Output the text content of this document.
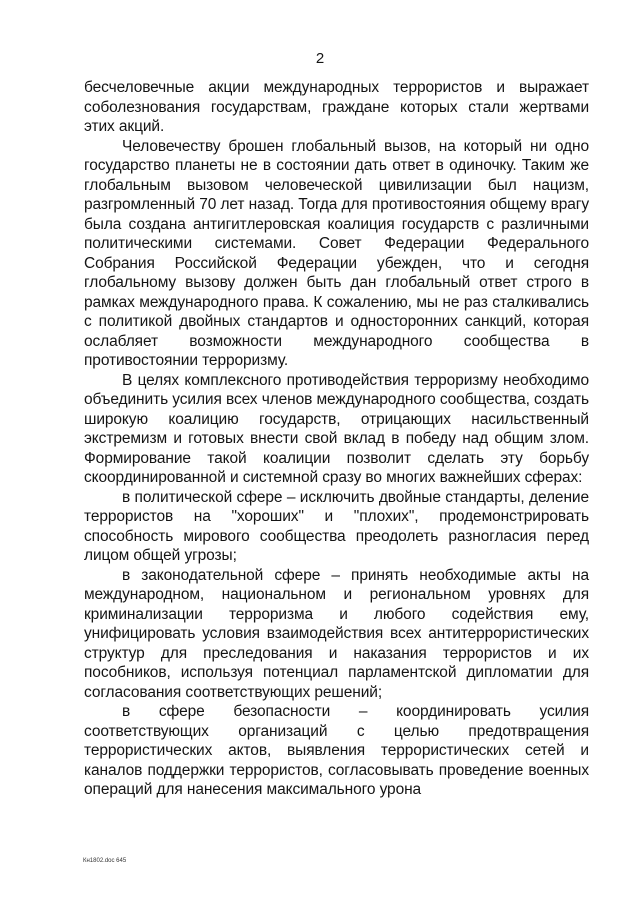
2

бесчеловечные акции международных террористов и выражает соболезнования государствам, граждане которых стали жертвами этих акций.

Человечеству брошен глобальный вызов, на который ни одно государство планеты не в состоянии дать ответ в одиночку. Таким же глобальным вызовом человеческой цивилизации был нацизм, разгромленный 70 лет назад. Тогда для противостояния общему врагу была создана антигитлеровская коалиция государств с различными политическими системами. Совет Федерации Федерального Собрания Российской Федерации убежден, что и сегодня глобальному вызову должен быть дан глобальный ответ строго в рамках международного права. К сожалению, мы не раз сталкивались с политикой двойных стандартов и односторонних санкций, которая ослабляет возможности международного сообщества в противостоянии терроризму.

В целях комплексного противодействия терроризму необходимо объединить усилия всех членов международного сообщества, создать широкую коалицию государств, отрицающих насильственный экстремизм и готовых внести свой вклад в победу над общим злом. Формирование такой коалиции позволит сделать эту борьбу скоординированной и системной сразу во многих важнейших сферах:

в политической сфере – исключить двойные стандарты, деление террористов на "хороших" и "плохих", продемонстрировать способность мирового сообщества преодолеть разногласия перед лицом общей угрозы;

в законодательной сфере – принять необходимые акты на международном, национальном и региональном уровнях для криминализации терроризма и любого содействия ему, унифицировать условия взаимодействия всех антитеррористических структур для преследования и наказания террористов и их пособников, используя потенциал парламентской дипломатии для согласования соответствующих решений;

в сфере безопасности – координировать усилия соответствующих организаций с целью предотвращения террористических актов, выявления террористических сетей и каналов поддержки террористов, согласовывать проведение военных операций для нанесения максимального урона

Кн1802.doc 645
